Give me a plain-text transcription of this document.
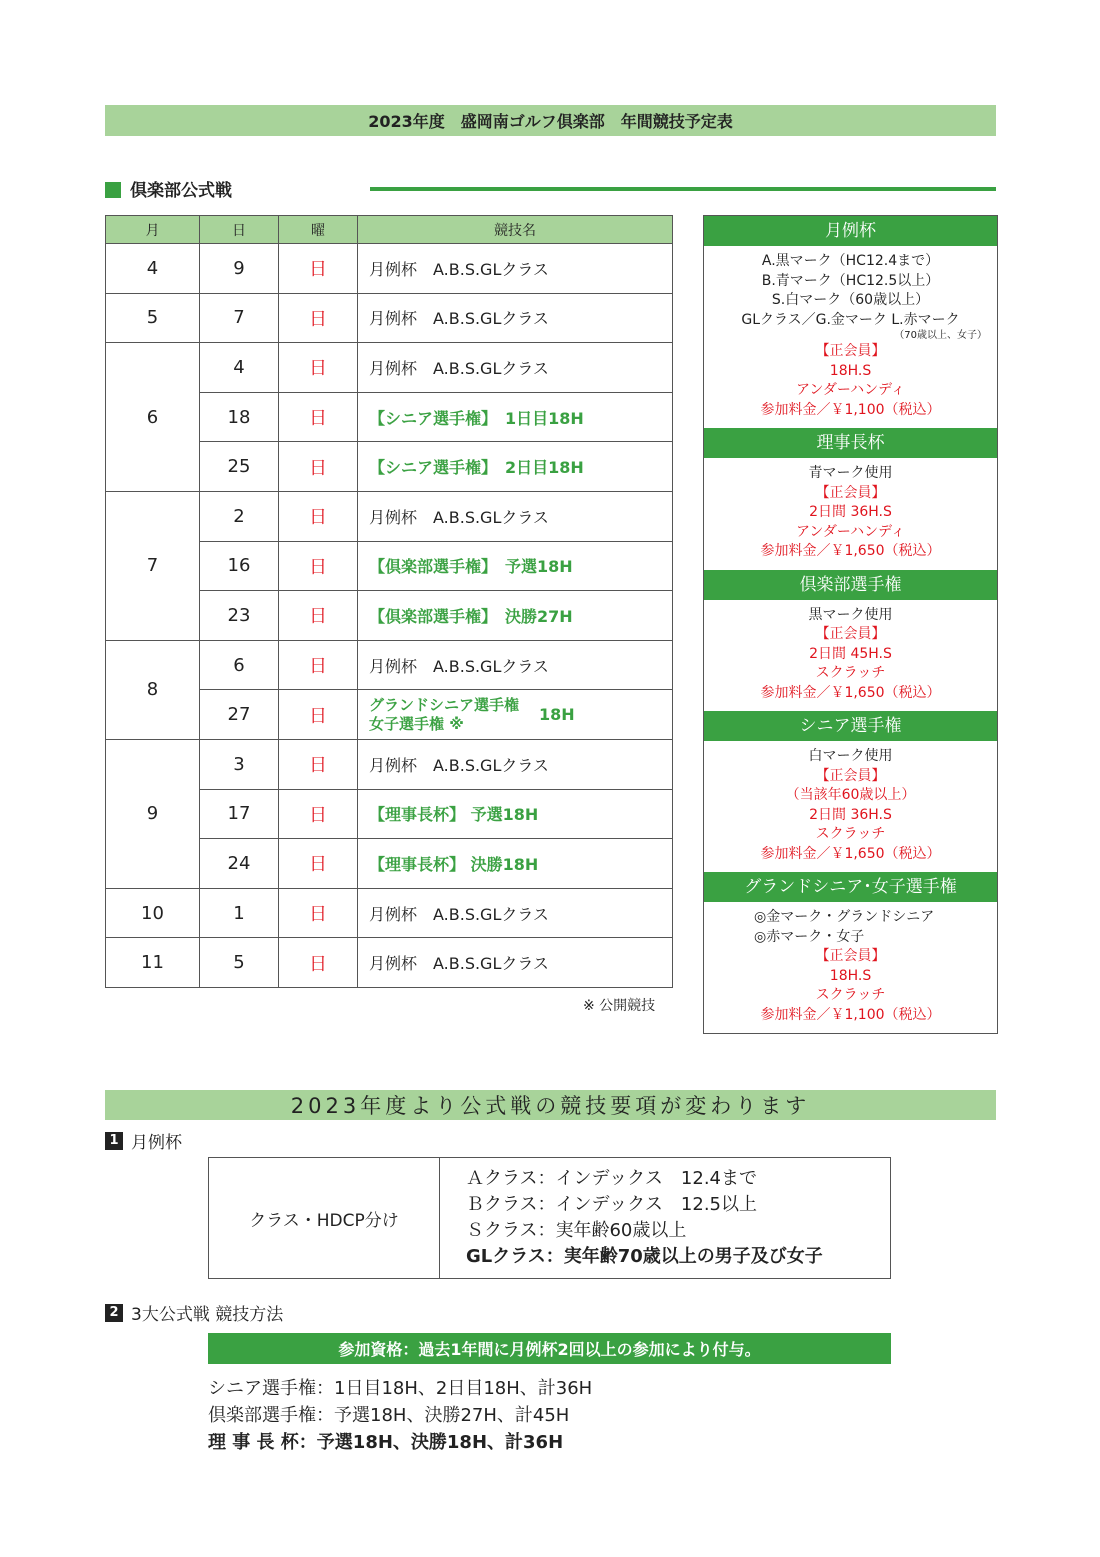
2023年度　盛岡南ゴルフ倶楽部　年間競技予定表
倶楽部公式戦
月	日	曜	競技名
4	9	日	月例杯　A.B.S.GLクラス
5	7	日	月例杯　A.B.S.GLクラス
6	4	日	月例杯　A.B.S.GLクラス
	18	日	【シニア選手権】　1日目18H
	25	日	【シニア選手権】　2日目18H
7	2	日	月例杯　A.B.S.GLクラス
	16	日	【倶楽部選手権】　予選18H
	23	日	【倶楽部選手権】　決勝27H
8	6	日	月例杯　A.B.S.GLクラス
	27	日	グランドシニア選手権
女子選手権 ※ 18H

9	3	日	月例杯　A.B.S.GLクラス
	17	日	【理事長杯】 予選18H
	24	日	【理事長杯】 決勝18H
10	1	日	月例杯　A.B.S.GLクラス
11	5	日	月例杯　A.B.S.GLクラス
※ 公開競技
月例杯
A.黒マーク（HC12.4まで）
B.青マーク（HC12.5以上）
S.白マーク（60歳以上）
GLクラス／G.金マーク L.赤マーク
（70歳以上、女子）
【正会員】
18H.S
アンダーハンディ
参加料金／￥1,100（税込）
理事長杯
青マーク使用
【正会員】
2日間 36H.S
アンダーハンディ
参加料金／￥1,650（税込）
倶楽部選手権
黒マーク使用
【正会員】
2日間 45H.S
スクラッチ
参加料金／￥1,650（税込）
シニア選手権
白マーク使用
【正会員】
（当該年60歳以上）
2日間 36H.S
スクラッチ
参加料金／￥1,650（税込）
グランドシニア･女子選手権
◎金マーク・グランドシニア
◎赤マーク・女子
【正会員】
18H.S
スクラッチ
参加料金／￥1,100（税込）
2023年度より公式戦の競技要項が変わります
1 月例杯
クラス・HDCP分け	
Ａクラス：インデックス　12.4まで
Ｂクラス：インデックス　12.5以上
Ｓクラス：実年齢60歳以上
GLクラス：実年齢70歳以上の男子及び女子
2 3大公式戦 競技方法
参加資格：過去1年間に月例杯2回以上の参加により付与。
シニア選手権：1日目18H、2日目18H、計36H
倶楽部選手権：予選18H、決勝27H、計45H
理 事 長 杯：予選18H、決勝18H、計36H
